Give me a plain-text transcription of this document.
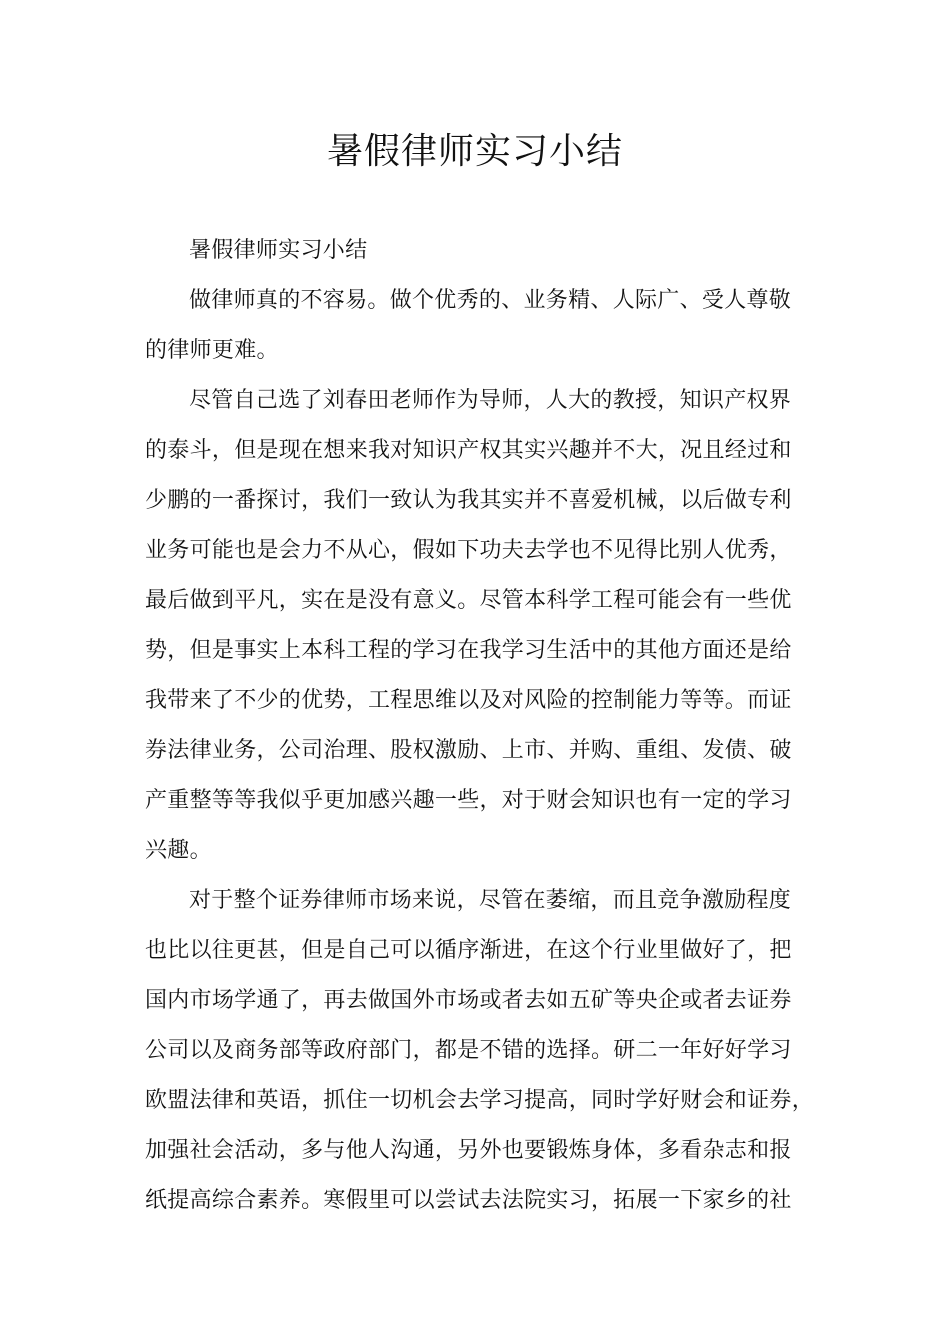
暑假律师实习小结

暑假律师实习小结

做律师真的不容易。做个优秀的、业务精、人际广、受人尊敬
的律师更难。

尽管自己选了刘春田老师作为导师，人大的教授，知识产权界
的泰斗，但是现在想来我对知识产权其实兴趣并不大，况且经过和
少鹏的一番探讨，我们一致认为我其实并不喜爱机械，以后做专利
业务可能也是会力不从心，假如下功夫去学也不见得比别人优秀，
最后做到平凡，实在是没有意义。尽管本科学工程可能会有一些优
势，但是事实上本科工程的学习在我学习生活中的其他方面还是给
我带来了不少的优势，工程思维以及对风险的控制能力等等。而证
券法律业务，公司治理、股权激励、上市、并购、重组、发债、破
产重整等等我似乎更加感兴趣一些，对于财会知识也有一定的学习
兴趣。

对于整个证券律师市场来说，尽管在萎缩，而且竞争激励程度
也比以往更甚，但是自己可以循序渐进，在这个行业里做好了，把
国内市场学通了，再去做国外市场或者去如五矿等央企或者去证券
公司以及商务部等政府部门，都是不错的选择。研二一年好好学习
欧盟法律和英语，抓住一切机会去学习提高，同时学好财会和证券，
加强社会活动，多与他人沟通，另外也要锻炼身体，多看杂志和报
纸提高综合素养。寒假里可以尝试去法院实习，拓展一下家乡的社
